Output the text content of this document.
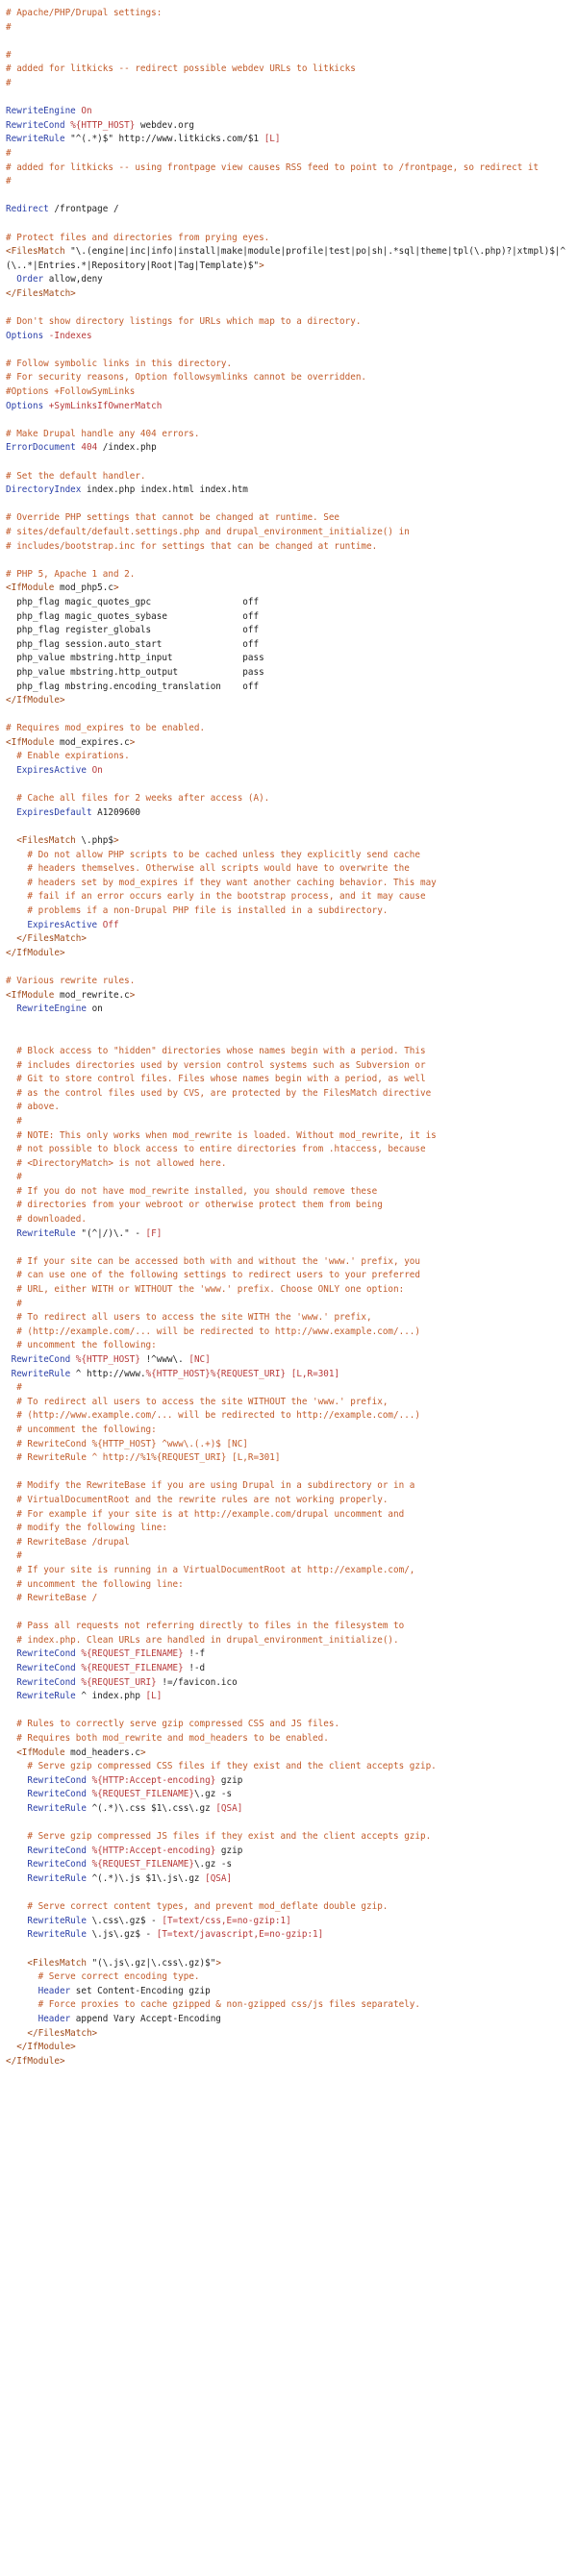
# Apache/PHP/Drupal settings:
#

#
# added for litkicks -- redirect possible webdev URLs to litkicks
#

RewriteEngine On
RewriteCond %{HTTP_HOST} webdev.org
RewriteRule "^(.*)$" http://www.litkicks.com/$1 [L]
#
# added for litkicks -- using frontpage view causes RSS feed to point to /frontpage, so redirect it
#

Redirect /frontpage /

# Protect files and directories from prying eyes.
<FilesMatch "\.(engine|inc|info|install|make|module|profile|test|po|sh|.*sql|theme|tpl(\.php)?|xtmpl)$|^(\..*|Entries.*|Repository|Root|Tag|Template)$">
Order allow,deny
</FilesMatch>

# Don't show directory listings for URLs which map to a directory.
Options -Indexes

# Follow symbolic links in this directory.
# For security reasons, Option followsymlinks cannot be overridden.
#Options +FollowSymLinks
Options +SymLinksIfOwnerMatch

# Make Drupal handle any 404 errors.
ErrorDocument 404 /index.php

# Set the default handler.
DirectoryIndex index.php index.html index.htm

# Override PHP settings that cannot be changed at runtime. See
# sites/default/default.settings.php and drupal_environment_initialize() in
# includes/bootstrap.inc for settings that can be changed at runtime.

# PHP 5, Apache 1 and 2.
<IfModule mod_php5.c>
php_flag magic_quotes_gpc                 off
php_flag magic_quotes_sybase              off
php_flag register_globals                 off
php_flag session.auto_start               off
php_value mbstring.http_input             pass
php_value mbstring.http_output            pass
php_flag mbstring.encoding_translation    off
</IfModule>

# Requires mod_expires to be enabled.
<IfModule mod_expires.c>
# Enable expirations.
ExpiresActive On

# Cache all files for 2 weeks after access (A).
ExpiresDefault A1209600

<FilesMatch \.php$>
# Do not allow PHP scripts to be cached unless they explicitly send cache
# headers themselves. Otherwise all scripts would have to overwrite the
# headers set by mod_expires if they want another caching behavior. This may
# fail if an error occurs early in the bootstrap process, and it may cause
# problems if a non-Drupal PHP file is installed in a subdirectory.
ExpiresActive Off
</FilesMatch>
</IfModule>

# Various rewrite rules.
<IfModule mod_rewrite.c>
RewriteEngine on

# Block access to "hidden" directories whose names begin with a period. This
# includes directories used by version control systems such as Subversion or
# Git to store control files. Files whose names begin with a period, as well
# as the control files used by CVS, are protected by the FilesMatch directive
# above.
#
# NOTE: This only works when mod_rewrite is loaded. Without mod_rewrite, it is
# not possible to block access to entire directories from .htaccess, because
# <DirectoryMatch> is not allowed here.
#
# If you do not have mod_rewrite installed, you should remove these
# directories from your webroot or otherwise protect them from being
# downloaded.
RewriteRule "(^|/)\." - [F]

# If your site can be accessed both with and without the 'www.' prefix, you
# can use one of the following settings to redirect users to your preferred
# URL, either WITH or WITHOUT the 'www.' prefix. Choose ONLY one option:
#
# To redirect all users to access the site WITH the 'www.' prefix,
# (http://example.com/... will be redirected to http://www.example.com/...)
# uncomment the following:
RewriteCond %{HTTP_HOST} !^www\. [NC]
RewriteRule ^ http://www.%{HTTP_HOST}%{REQUEST_URI} [L,R=301]
#
# To redirect all users to access the site WITHOUT the 'www.' prefix,
# (http://www.example.com/... will be redirected to http://example.com/...)
# uncomment the following:
# RewriteCond %{HTTP_HOST} ^www\.(.+)$ [NC]
# RewriteRule ^ http://%1%{REQUEST_URI} [L,R=301]

# Modify the RewriteBase if you are using Drupal in a subdirectory or in a
# VirtualDocumentRoot and the rewrite rules are not working properly.
# For example if your site is at http://example.com/drupal uncomment and
# modify the following line:
# RewriteBase /drupal
#
# If your site is running in a VirtualDocumentRoot at http://example.com/,
# uncomment the following line:
# RewriteBase /

# Pass all requests not referring directly to files in the filesystem to
# index.php. Clean URLs are handled in drupal_environment_initialize().
RewriteCond %{REQUEST_FILENAME} !-f
RewriteCond %{REQUEST_FILENAME} !-d
RewriteCond %{REQUEST_URI} !=/favicon.ico
RewriteRule ^ index.php [L]

# Rules to correctly serve gzip compressed CSS and JS files.
# Requires both mod_rewrite and mod_headers to be enabled.
<IfModule mod_headers.c>
# Serve gzip compressed CSS files if they exist and the client accepts gzip.
RewriteCond %{HTTP:Accept-encoding} gzip
RewriteCond %{REQUEST_FILENAME}\.gz -s
RewriteRule ^(.*)\.css $1\.css\.gz [QSA]

# Serve gzip compressed JS files if they exist and the client accepts gzip.
RewriteCond %{HTTP:Accept-encoding} gzip
RewriteCond %{REQUEST_FILENAME}\.gz -s
RewriteRule ^(.*)\.js $1\.js\.gz [QSA]

# Serve correct content types, and prevent mod_deflate double gzip.
RewriteRule \.css\.gz$ - [T=text/css,E=no-gzip:1]
RewriteRule \.js\.gz$ - [T=text/javascript,E=no-gzip:1]

<FilesMatch "(\.js\.gz|\.css\.gz)$">
# Serve correct encoding type.
Header set Content-Encoding gzip
# Force proxies to cache gzipped & non-gzipped css/js files separately.
Header append Vary Accept-Encoding
</FilesMatch>
</IfModule>
</IfModule>
